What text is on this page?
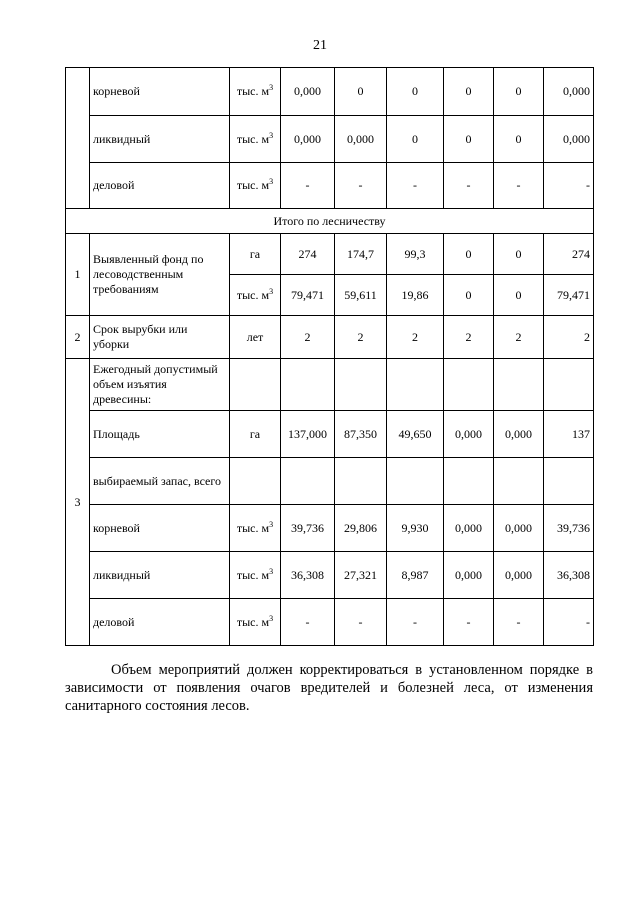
21
	корневой	тыс. $м^3$	0,000	0	0	0	0	0,000
	ликвидный	тыс. $м^3$	0,000	0,000	0	0	0	0,000
	деловой	тыс. $м^3$	-	-	-	-	-	-
Итого по лесничеству								
1	Выявленный фонд по лесоводственным требованиям	га	274	174,7	99,3	0	0	274
		тыс. $м^3$	79,471	59,611	19,86	0	0	79,471
2	Срок вырубки или уборки	лет	2	2	2	2	2	2
3	Ежегодный допустимый объем изъятия древесины:							
	Площадь	га	137,000	87,350	49,650	0,000	0,000	137
	выбираемый запас, всего							
	корневой	тыс. $м^3$	39,736	29,806	9,930	0,000	0,000	39,736
	ликвидный	тыс. $м^3$	36,308	27,321	8,987	0,000	0,000	36,308
	деловой	тыс. $м^3$	-	-	-	-	-	-

Объем мероприятий должен корректироваться в установленном порядке в зависимости от появления очагов вредителей и болезней леса, от изменения санитарного состояния лесов.
